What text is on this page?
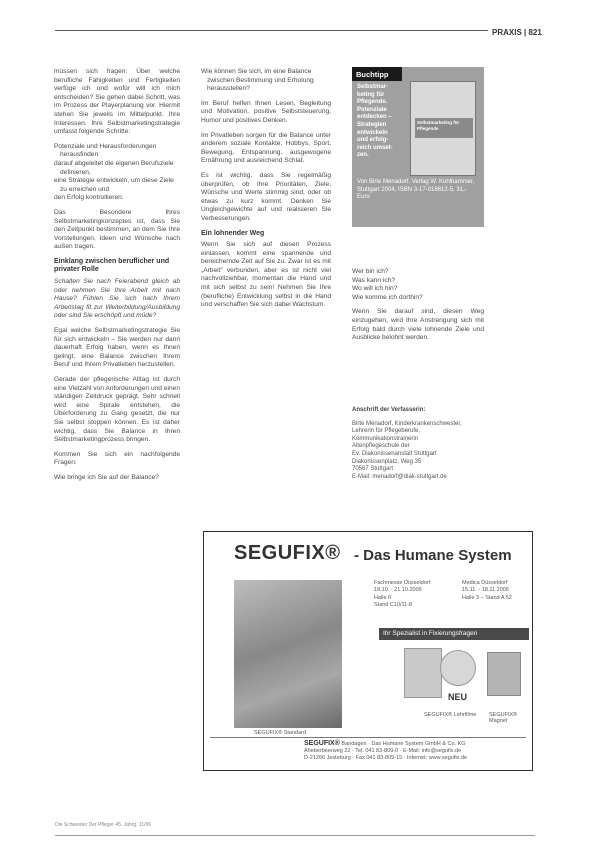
PRAXIS | 821

müssen sich fragen: Über welche berufliche Fähigkeiten und Fertigkeiten verfüge ich und wofür will ich mich entscheiden? Sie gehen dabei Schritt, was im Prozess der Playerplanung vor. Hiermit stehen Sie jeweils im Mittelpunkt. Ihre Interessen. Ihre Selbstmarketingstrategie umfasst folgende Schritte:

Potenziale und Herausforderungen herausfinden
darauf abgeleitet die eigenen Berufsziele definieren,
eine Strategie entwickeln, um diese Ziele zu erreichen und
den Erfolg kontrollieren.

Das Besondere Ihres Selbstmarketingkonzeptes ist, dass Sie den Zeitpunkt bestimmen, an dem Sie Ihre Vorstellungen, Ideen und Wünsche nach außen tragen.

Einklang zwischen beruflicher und privater Rolle

Schalten Sie nach Feierabend gleich ab oder nehmen Sie Ihre Arbeit mit nach Hause? Fühlen Sie sich nach Ihrem Arbeitstag fit zur Weiterbildung/Ausbildung oder sind Sie erschöpft und müde?

Egal welche Selbstmarketingstrategie Sie für sich entwickeln – Sie werden nur dann dauerhaft Erfolg haben, wenn es Ihnen gelingt, eine Balance zwischen Ihrem Beruf und Ihrem Privatleben herzustellen.

Gerade der pflegerische Alltag ist durch eine Vielzahl von Anforderungen und einen ständigen Zeitdruck geprägt. Sehr schnell wird eine Spirale entstehen, die Überforderung zu Gang gesetzt, die nur Sie selbst stoppen können. Es ist daher wichtig, dass Sie Balance in Ihren Selbstmarketingprozess bringen.

Kommen Sie sich ein nachfolgende Fragen:

Wie bringe ich Sie auf der Balance?
Wie können Sie sich, im eine Balance zwischen Bestimmung und Erholung herausstellen?

Im Beruf helfen Ihnen Lesen, Begleitung und Motivation, positive Selbststeuerung, Humor und positives Denken.

Im Privatleben sorgen für die Balance unter anderem soziale Kontakte, Hobbys, Sport, Bewegung, Entspannung, ausgewogene Ernährung und ausreichend Schlaf.

Es ist wichtig, dass Sie regelmäßig überprüfen, ob Ihre Prioritäten, Ziele, Wünsche und Werte stimmig sind, oder ob etwas zu kurz kommt. Denken Sie Ungleichgewichte auf und realisieren Sie Verbesserungen.

Ein lohnender Weg

Wenn Sie sich auf diesen Prozess einlassen, kommt eine spannende und bereichernde Zeit auf Sie zu. Zwar ist es mit „Arbeit" verbunden, aber es ist nicht viel nachvollziehbar, momentan die Hand und mit sich selbst zu sein! Nehmen Sie Ihre (berufliche) Entwicklung selbst in die Hand und verschaffen Sie sich dabei Wachstum.

Buchtipp
Selbstmar-
keting für
Pflegende.
Potenziale
entdecken –
Strategien
entwickeln
und erfolg-
reich umset-
zen.
Selbstmarketing für Pflegende
Von Birte Menadorf, Verlag W. Kohlhammer, Stuttgart 2004, ISBN 3-17-018612-5, 31,- Euro
Wer bin ich?
Was kann ich?
Wo will ich hin?
Wie komme ich dorthin?

Wenn Sie darauf sind, diesen Weg einzugehen, wird Ihre Anstrengung sich mit Erfolg bald durch viele lohnende Ziele und Ausblicke belohnt werden.

Anschrift der Verfasserin:
Birte Menadorf, Kinderkrankenschwester,
Lehrerin für Pflegeberufe,
Kommunikationstrainerin
Altenpflegeschule der
Ev. Diakonissenanstalt Stuttgart
Diakonissenplatz, Weg 35
70567 Stuttgart
E-Mail: menadorf@diak-stuttgart.de
SEGUFIX® - Das Humane System
SEGUFIX® Standard
Fachmesse Düsseldorf
18.10. - 21.10.2006
Halle 6
Stand C10/11-8
Medica Düsseldorf
15.11. - 18.11.2006
Halle 3 – Stand A 52
Ihr Spezialist in Fixierungsfragen
NEU
SEGUFIX® Lehrfilme SEGUFIX® Magnet
SEGUFIX® Bandagen · Das Humane System GmbH & Co. KG
Aheberbeerweg 22 · Tel. 041 83-809-0 · E-Mail: info@segufix.de
D-21266 Jesteburg · Fax 041 83-809-15 · Internet: www.segufix.de
Die Schwester Der Pfleger 45. Jahrg. 11/06
